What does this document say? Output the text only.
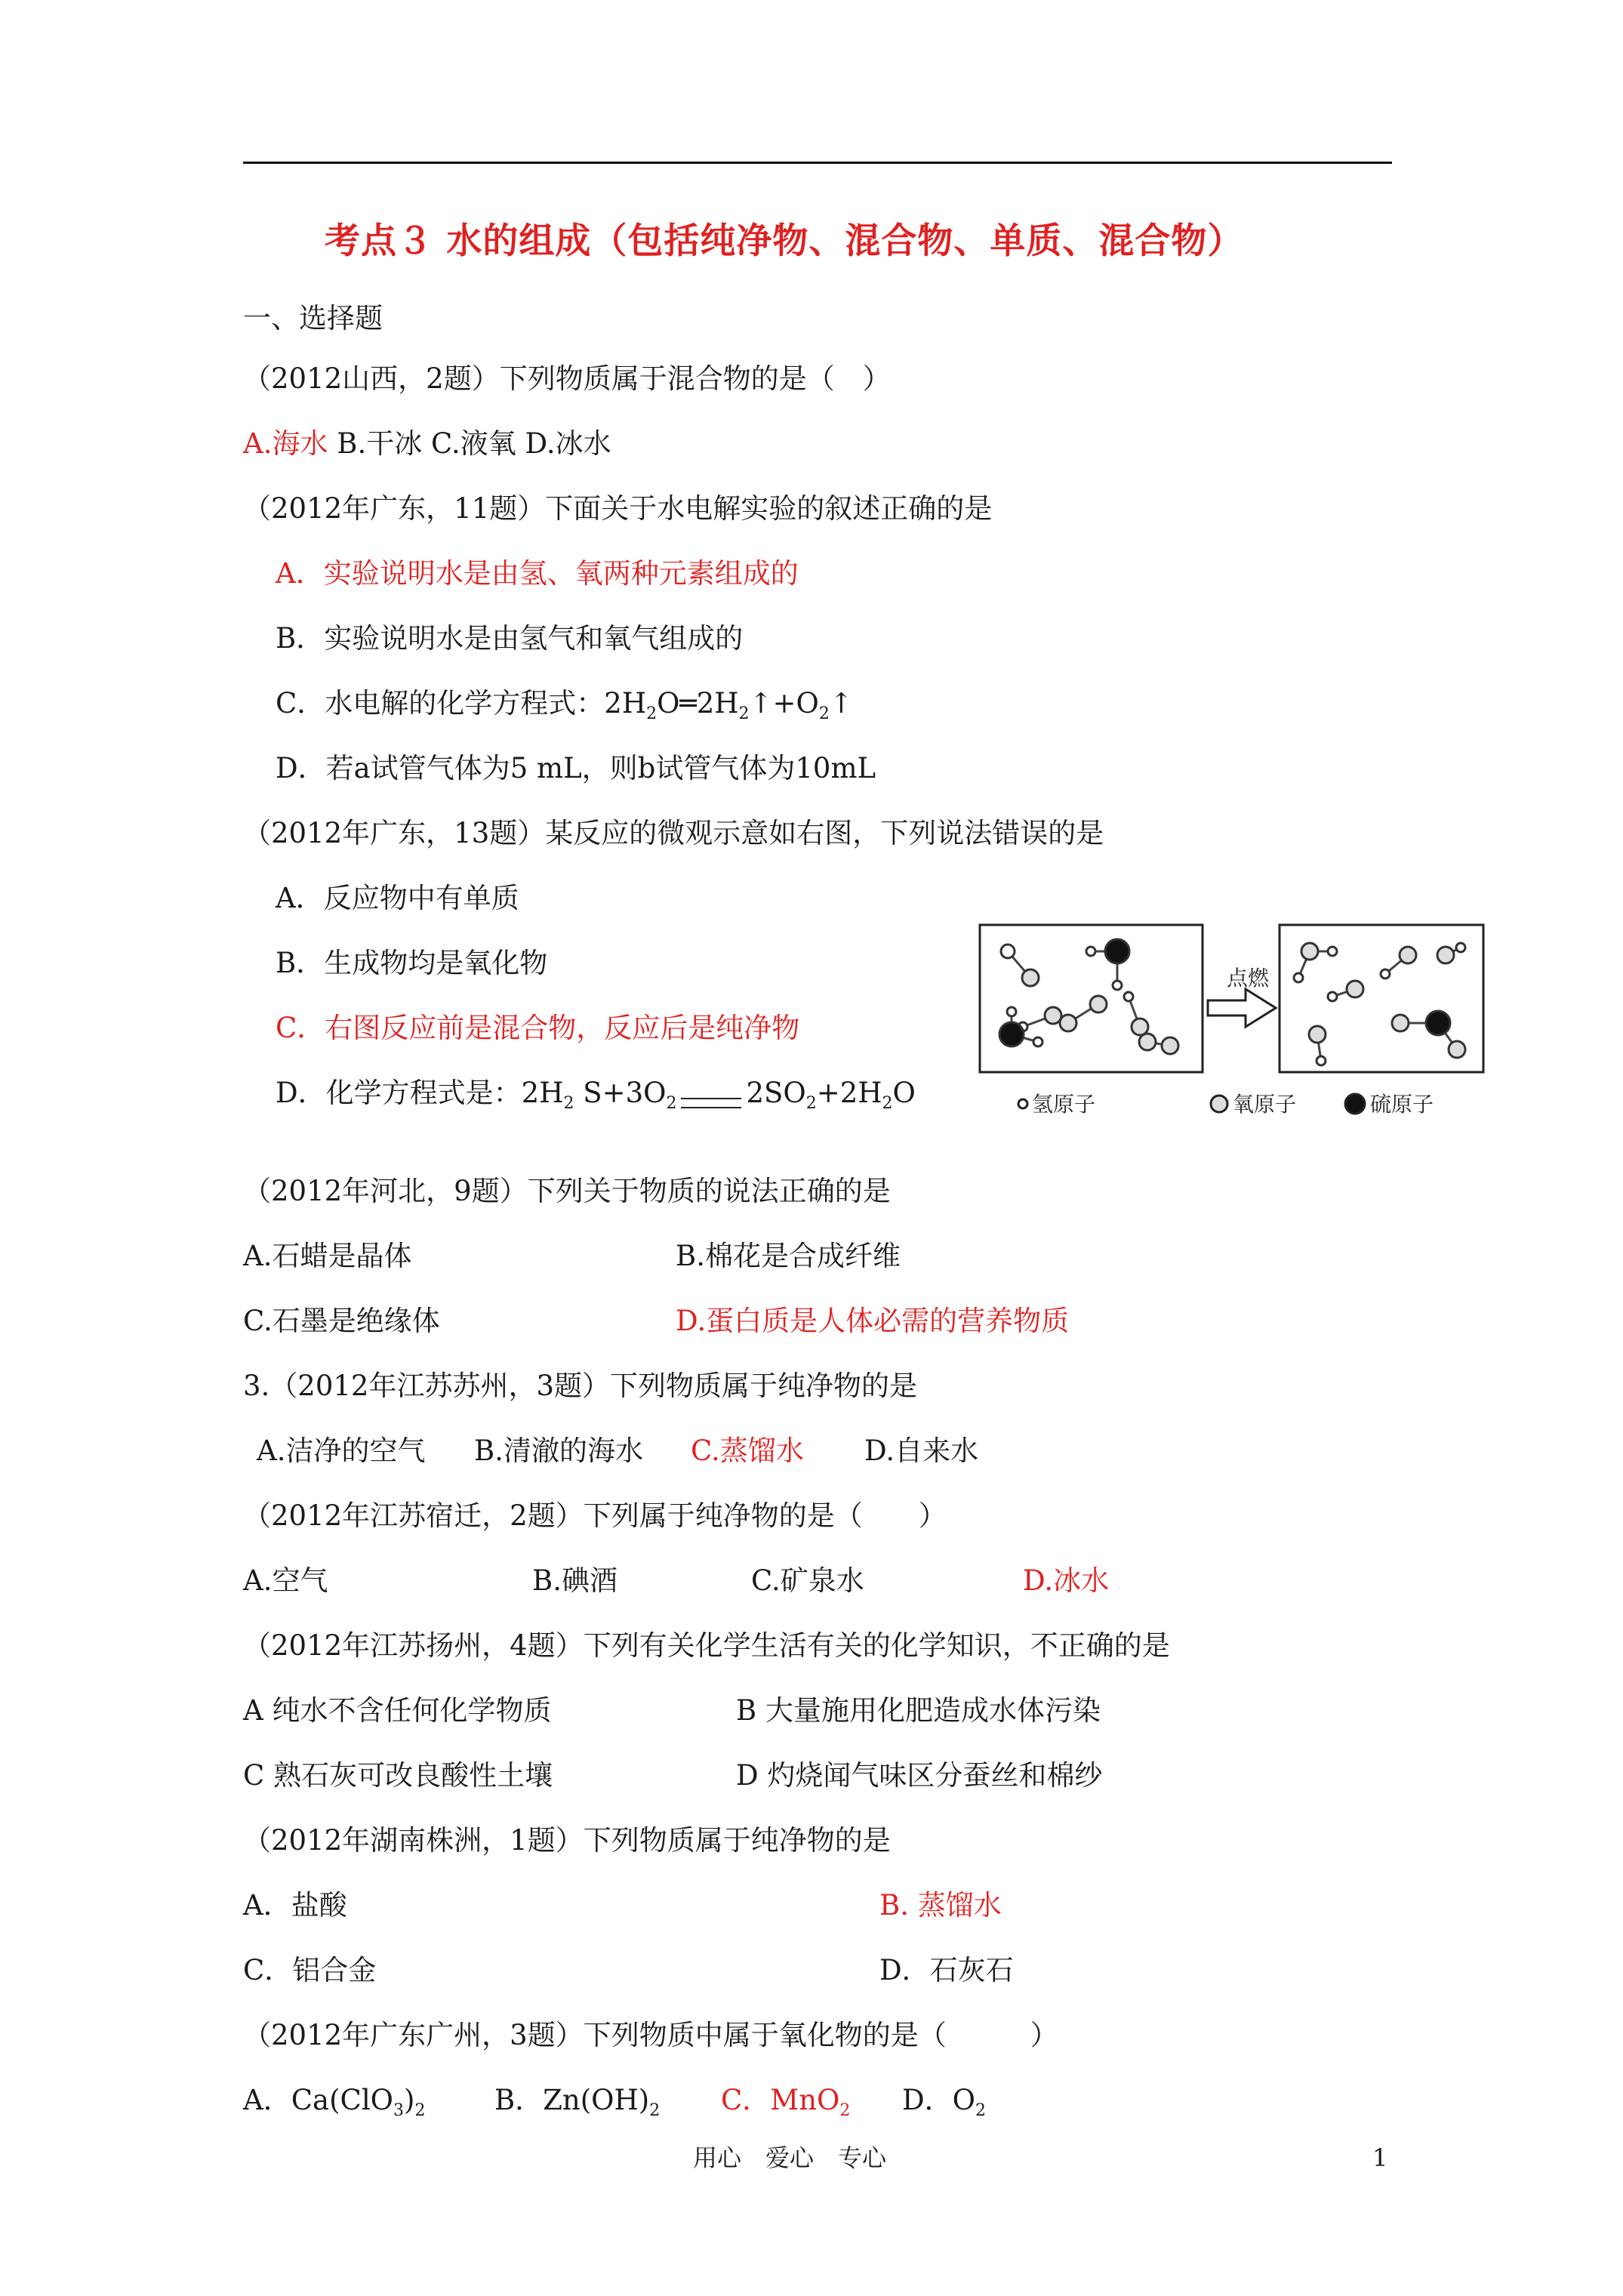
考点３ 水的组成（包括纯净物、混合物、单质、混合物）
一、选择题
（2012山西，2题）下列物质属于混合物的是（　）
A.海水 B.干冰 C.液氧 D.冰水
（2012年广东，11题）下面关于水电解实验的叙述正确的是
A．实验说明水是由氢、氧两种元素组成的
B．实验说明水是由氢气和氧气组成的
C．水电解的化学方程式：$2H_2O═2H_2↑+O_2↑$
D．若a试管气体为5 mL，则b试管气体为10mL
（2012年广东，13题）某反应的微观示意如右图，下列说法错误的是
A．反应物中有单质
B．生成物均是氧化物
C．右图反应前是混合物，反应后是纯净物
D．化学方程式是：$2H_2$ $S+3O_2$ $2SO_2+2H_2O$
点燃
氢原子	氧原子	硫原子
（2012年河北，9题）下列关于物质的说法正确的是
A.石蜡是晶体	B.棉花是合成纤维
C.石墨是绝缘体	D.蛋白质是人体必需的营养物质
3.（2012年江苏苏州，3题）下列物质属于纯净物的是
A.洁净的空气 B.清澈的海水 C.蒸馏水 D.自来水
（2012年江苏宿迁，2题）下列属于纯净物的是（　　）
A.空气	B.碘酒	C.矿泉水	D.冰水
（2012年江苏扬州，4题）下列有关化学生活有关的化学知识，不正确的是
A 纯水不含任何化学物质	B 大量施用化肥造成水体污染
C 熟石灰可改良酸性土壤	D 灼烧闻气味区分蚕丝和棉纱
（2012年湖南株洲，1题）下列物质属于纯净物的是
A．盐酸	B. 蒸馏水
C．铝合金	D．石灰石
（2012年广东广州，3题）下列物质中属于氧化物的是（　　　）
A．$Ca(ClO_3)_2$ B．$Zn(OH)_2$ C．MnO$_2$ D．$O_2$
用心　爱心　专心	1
